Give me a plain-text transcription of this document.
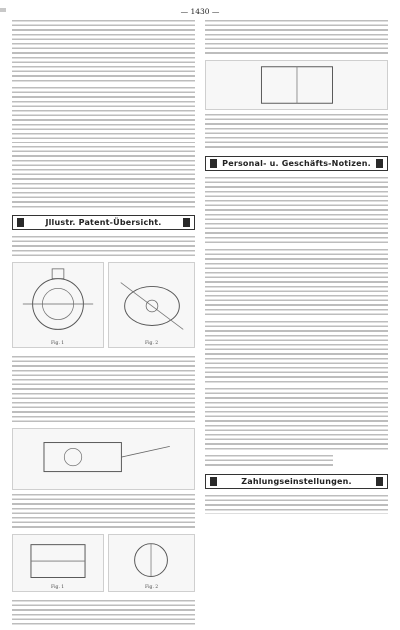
— 1430 —
Jllustr. Patent-Übersicht.
Fig. 1	Fig. 2
Fig. 1	Fig. 2
Personal- u. Geschäfts-Notizen.
Zahlungseinstellungen.
